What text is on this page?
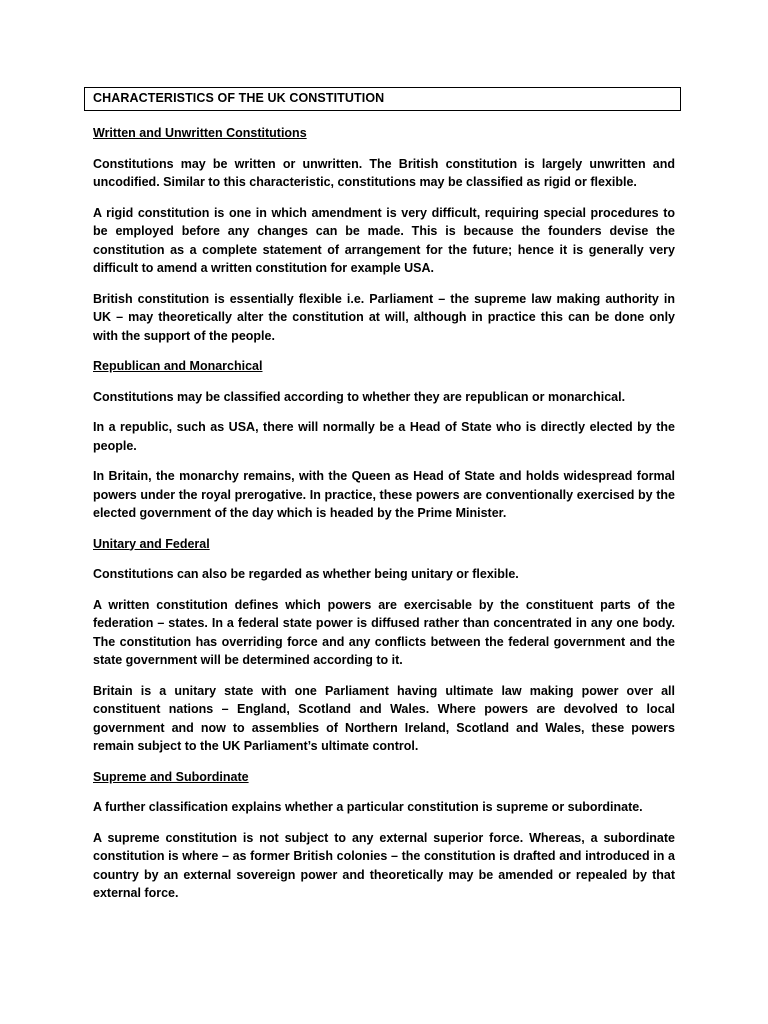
CHARACTERISTICS OF THE UK CONSTITUTION
Written and Unwritten Constitutions

Constitutions may be written or unwritten. The British constitution is largely unwritten and uncodified. Similar to this characteristic, constitutions may be classified as rigid or flexible.

A rigid constitution is one in which amendment is very difficult, requiring special procedures to be employed before any changes can be made. This is because the founders devise the constitution as a complete statement of arrangement for the future; hence it is generally very difficult to amend a written constitution for example USA.

British constitution is essentially flexible i.e. Parliament – the supreme law making authority in UK – may theoretically alter the constitution at will, although in practice this can be done only with the support of the people.

Republican and Monarchical

Constitutions may be classified according to whether they are republican or monarchical.

In a republic, such as USA, there will normally be a Head of State who is directly elected by the people.

In Britain, the monarchy remains, with the Queen as Head of State and holds widespread formal powers under the royal prerogative. In practice, these powers are conventionally exercised by the elected government of the day which is headed by the Prime Minister.

Unitary and Federal

Constitutions can also be regarded as whether being unitary or flexible.

A written constitution defines which powers are exercisable by the constituent parts of the federation – states. In a federal state power is diffused rather than concentrated in any one body. The constitution has overriding force and any conflicts between the federal government and the state government will be determined according to it.

Britain is a unitary state with one Parliament having ultimate law making power over all constituent nations – England, Scotland and Wales. Where powers are devolved to local government and now to assemblies of Northern Ireland, Scotland and Wales, these powers remain subject to the UK Parliament’s ultimate control.

Supreme and Subordinate

A further classification explains whether a particular constitution is supreme or subordinate.

A supreme constitution is not subject to any external superior force. Whereas, a subordinate constitution is where – as former British colonies – the constitution is drafted and introduced in a country by an external sovereign power and theoretically may be amended or repealed by that external force.
